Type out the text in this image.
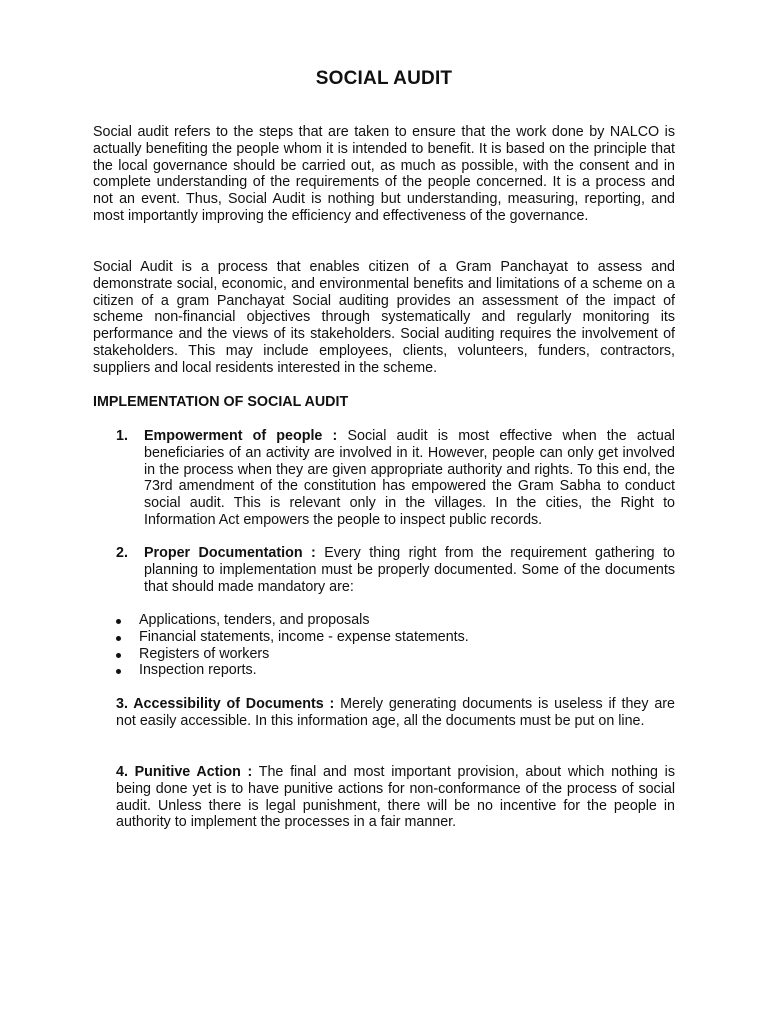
SOCIAL AUDIT
Social audit refers to the steps that are taken to ensure that the work done by NALCO is actually benefiting the people whom it is intended to benefit. It is based on the principle that the local governance should be carried out, as much as possible, with the consent and in complete understanding of the requirements of the people concerned. It is a process and not an event. Thus, Social Audit is nothing but understanding, measuring, reporting, and most importantly improving the efficiency and effectiveness of the governance.
Social Audit is a process that enables citizen of a Gram Panchayat to assess and demonstrate social, economic, and environmental benefits and limitations of a scheme on a citizen of a gram Panchayat Social auditing provides an assessment of the impact of scheme non-financial objectives through systematically and regularly monitoring its performance and the views of its stakeholders. Social auditing requires the involvement of stakeholders. This may include employees, clients, volunteers, funders, contractors, suppliers and local residents interested in the scheme.
IMPLEMENTATION OF SOCIAL AUDIT
1. Empowerment of people : Social audit is most effective when the actual beneficiaries of an activity are involved in it. However, people can only get involved in the process when they are given appropriate authority and rights. To this end, the 73rd amendment of the constitution has empowered the Gram Sabha to conduct social audit. This is relevant only in the villages. In the cities, the Right to Information Act empowers the people to inspect public records.
2. Proper Documentation : Every thing right from the requirement gathering to planning to implementation must be properly documented. Some of the documents that should made mandatory are:
Applications, tenders, and proposals
Financial statements, income - expense statements.
Registers of workers
Inspection reports.
3. Accessibility of Documents : Merely generating documents is useless if they are not easily accessible. In this information age, all the documents must be put on line.
4. Punitive Action : The final and most important provision, about which nothing is being done yet is to have punitive actions for non-conformance of the process of social audit. Unless there is legal punishment, there will be no incentive for the people in authority to implement the processes in a fair manner.
